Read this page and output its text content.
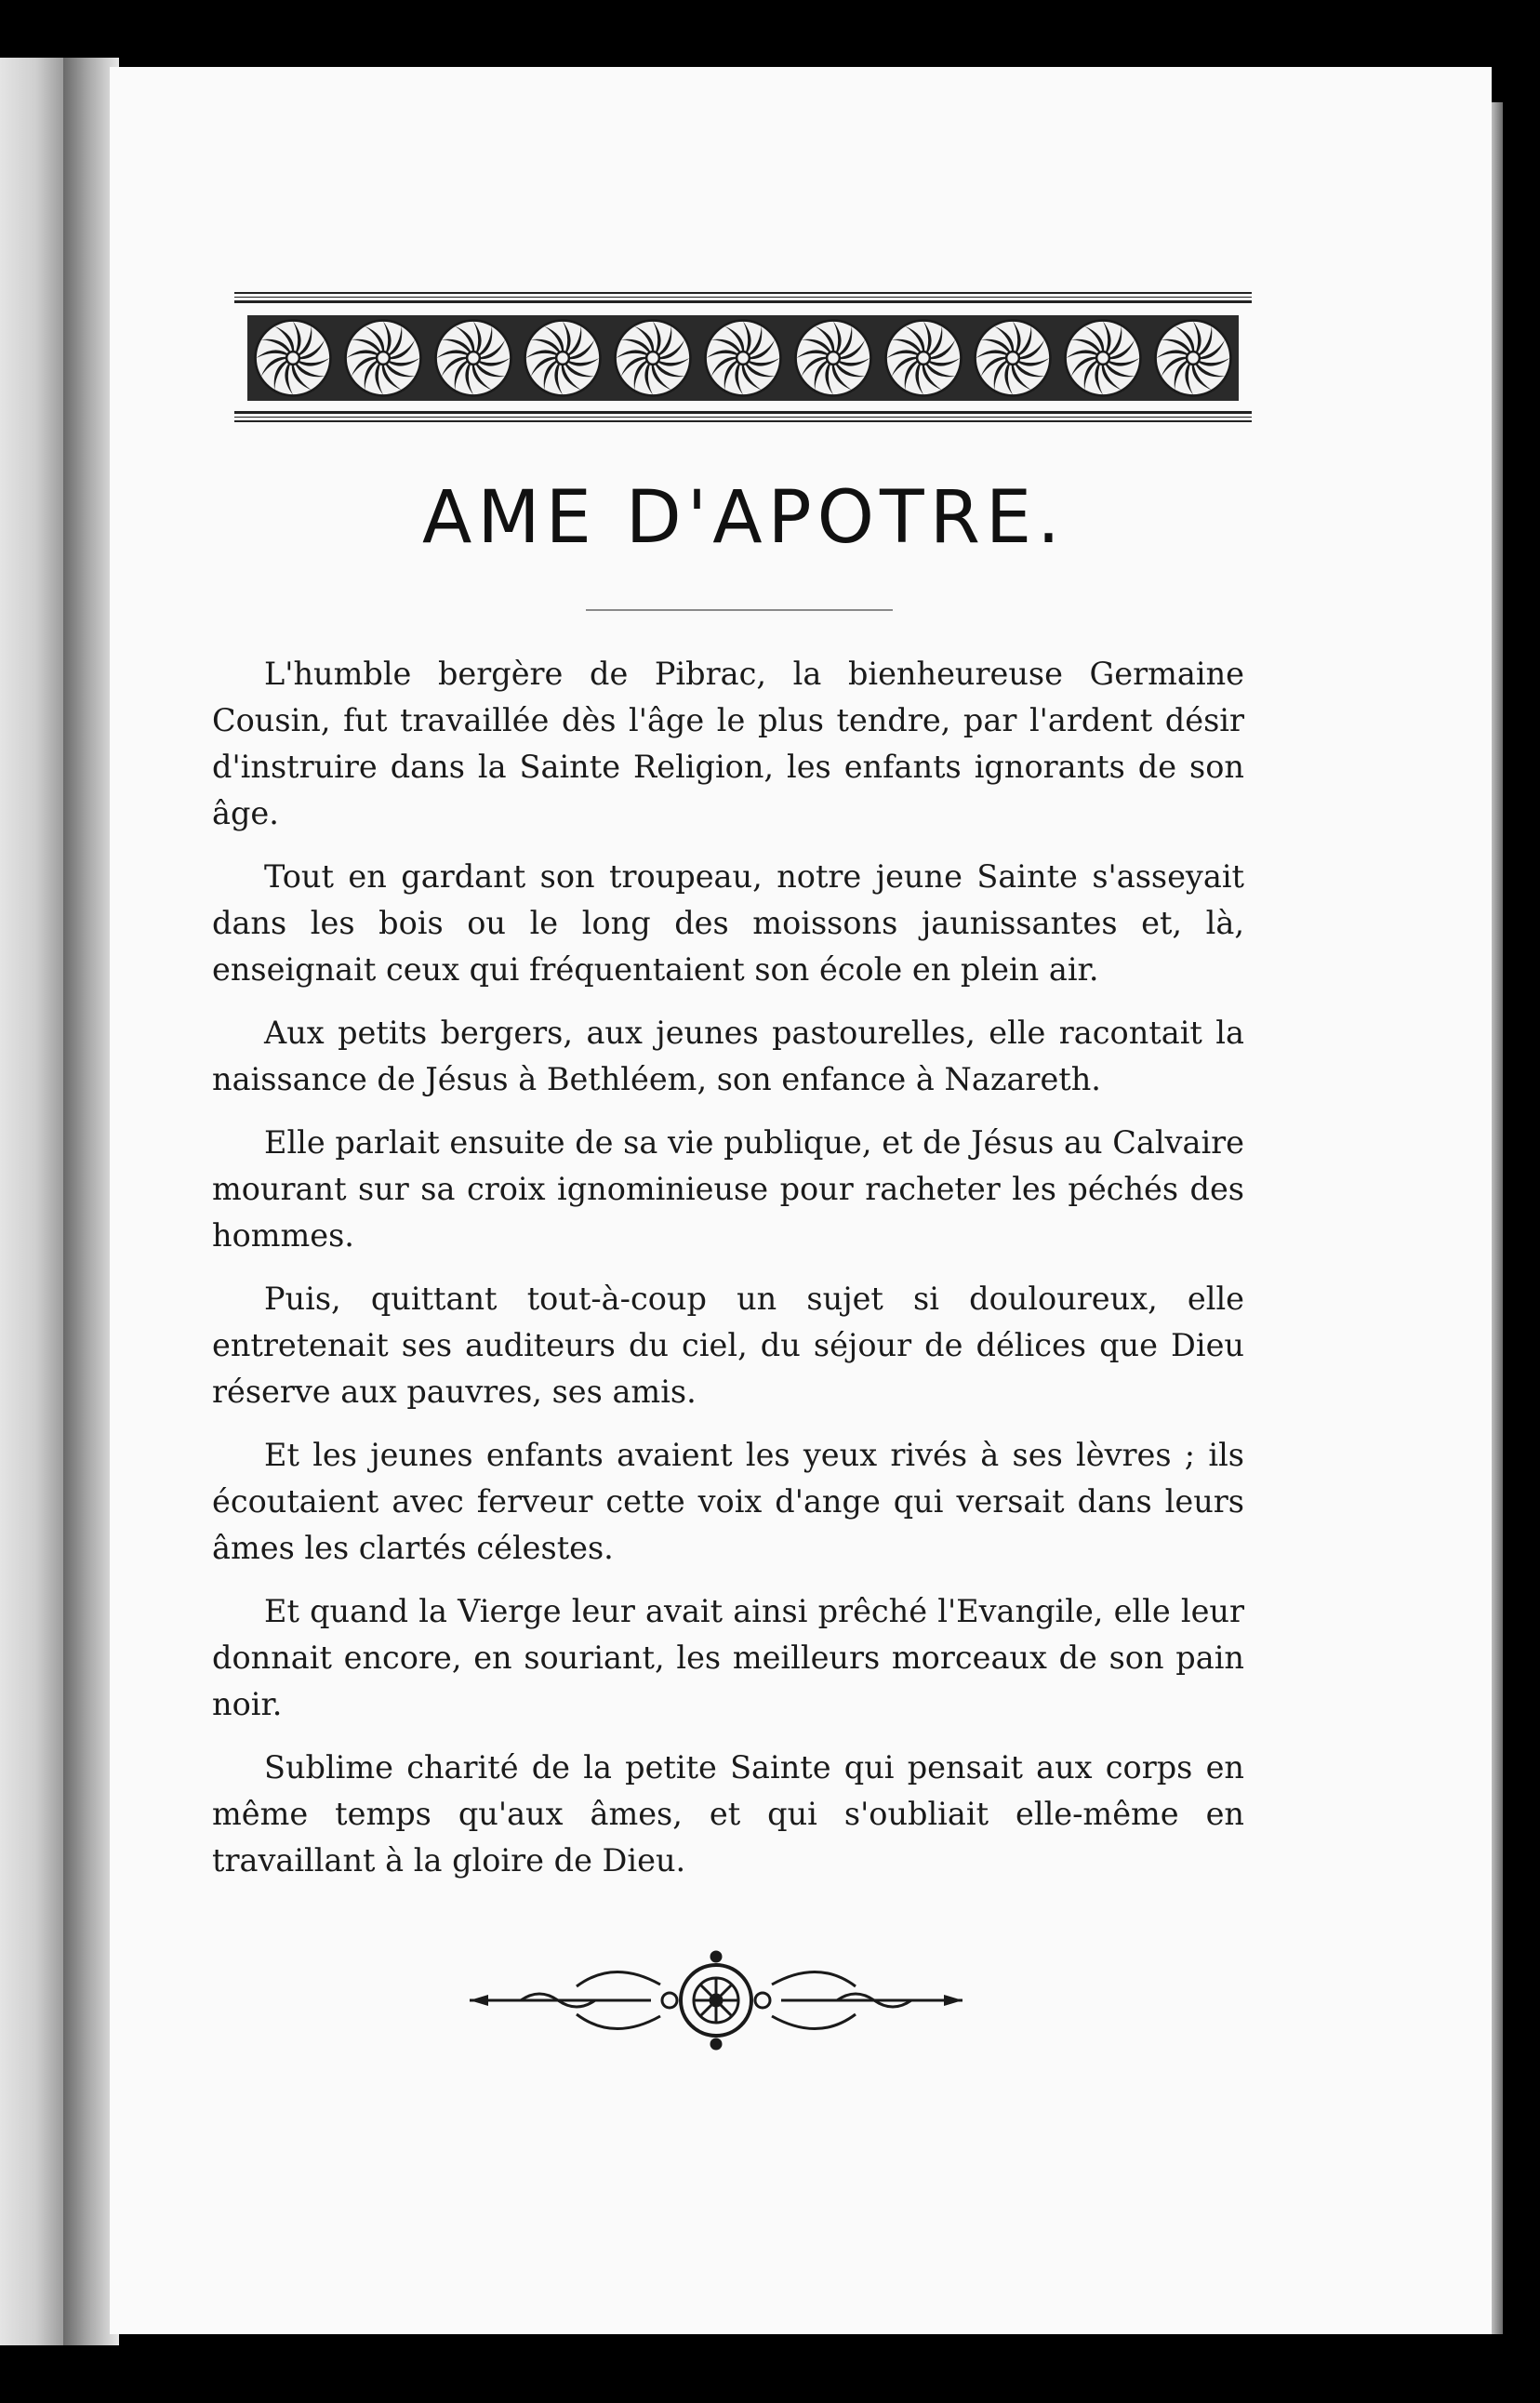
AME D'APOTRE.

L'humble bergère de Pibrac, la bienheureuse Germaine Cousin, fut travaillée dès l'âge le plus tendre, par l'ardent désir d'instruire dans la Sainte Religion, les enfants ignorants de son âge.

Tout en gardant son troupeau, notre jeune Sainte s'asseyait dans les bois ou le long des moissons jaunissantes et, là, enseignait ceux qui fréquentaient son école en plein air.

Aux petits bergers, aux jeunes pastourelles, elle racontait la naissance de Jésus à Bethléem, son enfance à Nazareth.

Elle parlait ensuite de sa vie publique, et de Jésus au Calvaire mourant sur sa croix ignominieuse pour racheter les péchés des hommes.

Puis, quittant tout-à-coup un sujet si douloureux, elle entretenait ses auditeurs du ciel, du séjour de délices que Dieu réserve aux pauvres, ses amis.

Et les jeunes enfants avaient les yeux rivés à ses lèvres ; ils écoutaient avec ferveur cette voix d'ange qui versait dans leurs âmes les clartés célestes.

Et quand la Vierge leur avait ainsi prêché l'Evangile, elle leur donnait encore, en souriant, les meilleurs morceaux de son pain noir.

Sublime charité de la petite Sainte qui pensait aux corps en même temps qu'aux âmes, et qui s'oubliait elle-même en travaillant à la gloire de Dieu.
